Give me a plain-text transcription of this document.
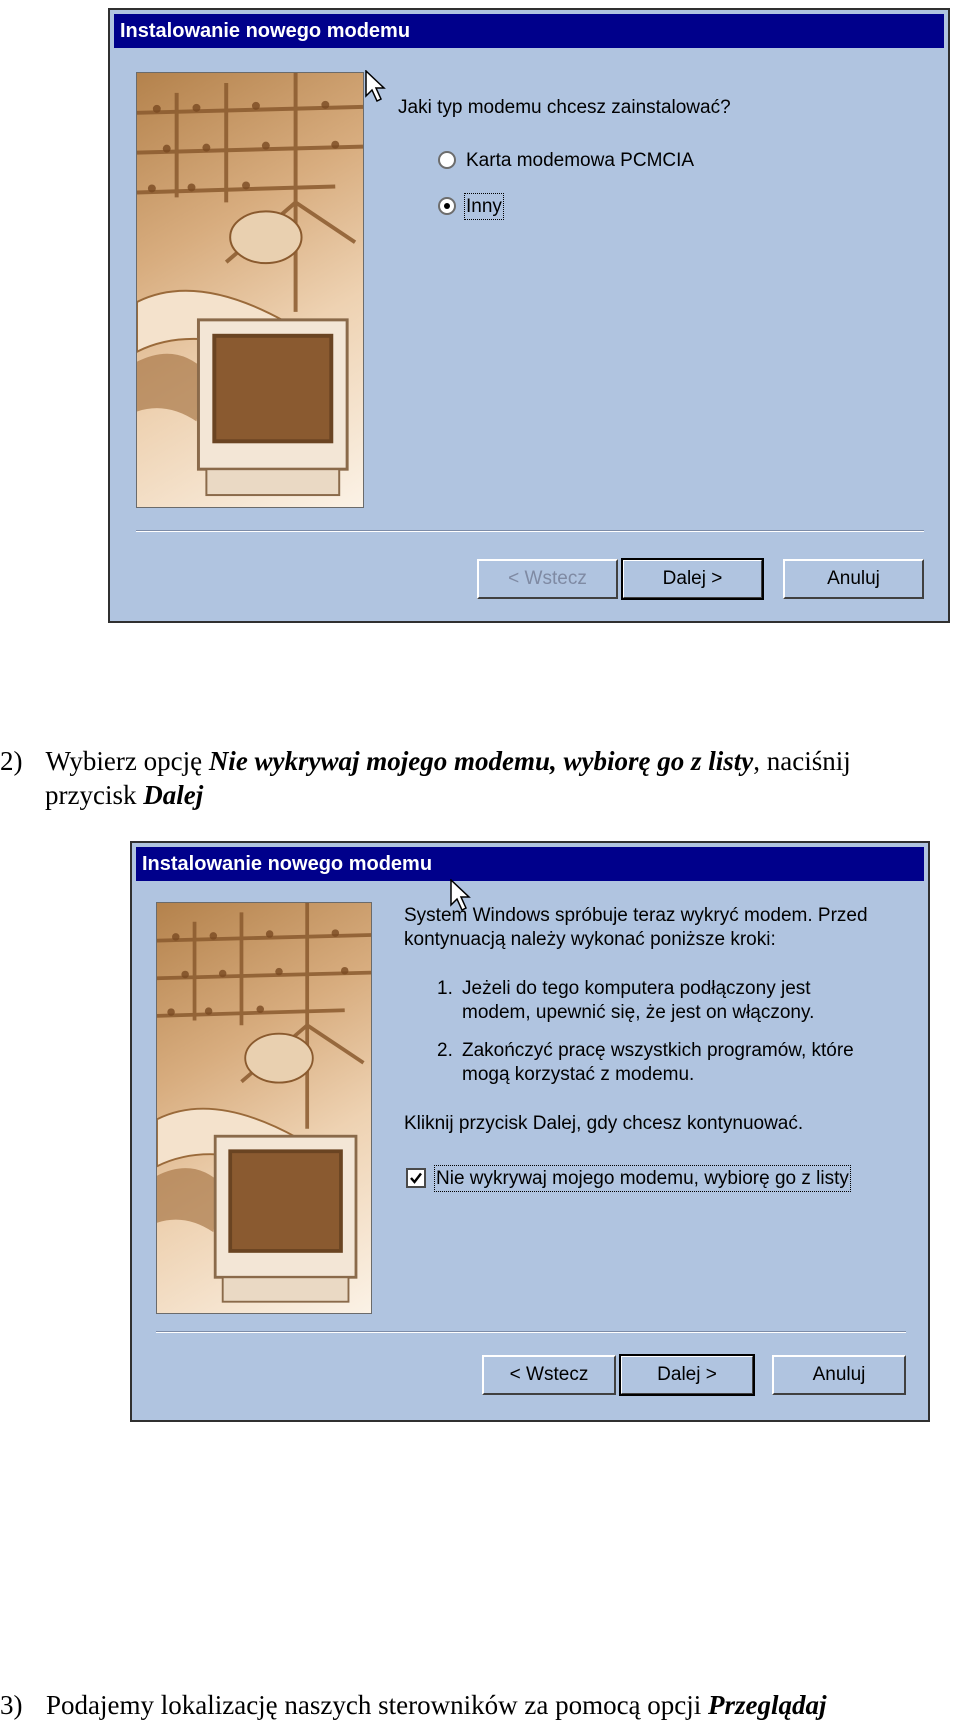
Instalowanie nowego modemu
Jaki typ modemu chcesz zainstalować?
Karta modemowa PCMCIA
Inny
< Wstecz	Dalej >	Anuluj
2) Wybierz opcję Nie wykrywaj mojego modemu, wybiorę go z listy, naciśnij
przycisk Dalej
Instalowanie nowego modemu
System Windows spróbuje teraz wykryć modem. Przed
kontynuacją należy wykonać poniższe kroki:
1. Jeżeli do tego komputera podłączony jest
modem, upewnić się, że jest on włączony.
2. Zakończyć pracę wszystkich programów, które
mogą korzystać z modemu.
Kliknij przycisk Dalej, gdy chcesz kontynuować.
Nie wykrywaj mojego modemu, wybiorę go z listy
< Wstecz	Dalej >	Anuluj
3) Podajemy lokalizację naszych sterowników za pomocą opcji Przeglądaj
